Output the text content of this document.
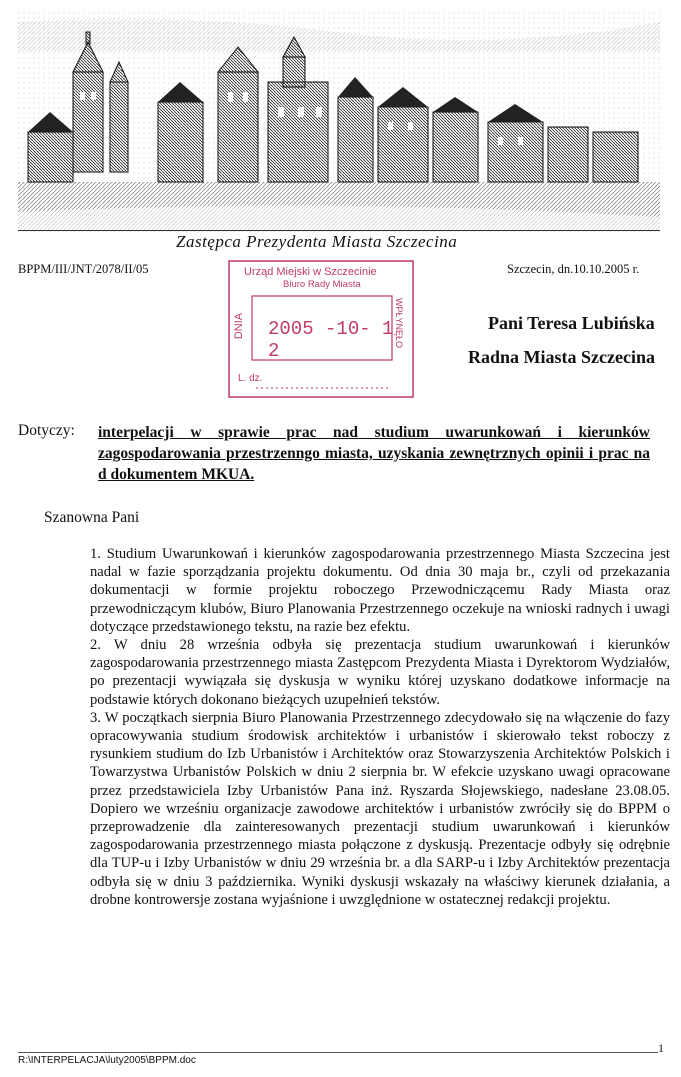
Zastępca Prezydenta Miasta Szczecina
BPPM/III/JNT/2078/II/05	Szczecin, dn.10.10.2005 r.
Urząd Miejski w Szczecinie
Biuro Rady Miasta
DNIA	WPŁYNĘŁO
2005 -10- 1 2
L. dz.
Pani Teresa Lubińska
Radna Miasta Szczecina
Dotyczy: interpelacji w sprawie prac nad studium uwarunkowań i kierunków zagospodarowania przestrzenngo miasta, uzyskania zewnętrznych opinii i prac na d dokumentem MKUA.
Szanowna Pani

1. Studium Uwarunkowań i kierunków zagospodarowania przestrzennego Miasta Szczecina jest nadal w fazie sporządzania projektu dokumentu. Od dnia 30 maja br., czyli od przekazania dokumentacji w formie projektu roboczego Przewodniczącemu Rady Miasta oraz przewodniczącym klubów, Biuro Planowania Przestrzennego oczekuje na wnioski radnych i uwagi dotyczące przedstawionego tekstu, na razie bez efektu.

2. W dniu 28 września odbyła się prezentacja studium uwarunkowań i kierunków zagospodarowania przestrzennego miasta Zastępcom Prezydenta Miasta i Dyrektorom Wydziałów, po prezentacji wywiązała się dyskusja w wyniku której uzyskano dodatkowe informacje na podstawie których dokonano bieżących uzupełnień tekstów.

3. W początkach sierpnia Biuro Planowania Przestrzennego zdecydowało się na włączenie do fazy opracowywania studium środowisk architektów i urbanistów i skierowało tekst roboczy z rysunkiem studium do Izb Urbanistów i Architektów oraz Stowarzyszenia Architektów Polskich i Towarzystwa Urbanistów Polskich w dniu 2 sierpnia br. W efekcie uzyskano uwagi opracowane przez przedstawiciela Izby Urbanistów Pana inż. Ryszarda Słojewskiego, nadesłane 23.08.05. Dopiero we wrześniu organizacje zawodowe architektów i urbanistów zwróciły się do BPPM o przeprowadzenie dla zainteresowanych prezentacji studium uwarunkowań i kierunków zagospodarowania przestrzennego miasta połączone z dyskusją. Prezentacje odbyły się odrębnie dla TUP-u i Izby Urbanistów w dniu 29 września br. a dla SARP-u i Izby Architektów prezentacja odbyła się w dniu 3 października. Wyniki dyskusji wskazały na właściwy kierunek działania, a drobne kontrowersje zostana wyjaśnione i uwzględnione w ostatecznej redakcji projektu.

1
R:\INTERPELACJA\luty2005\BPPM.doc
